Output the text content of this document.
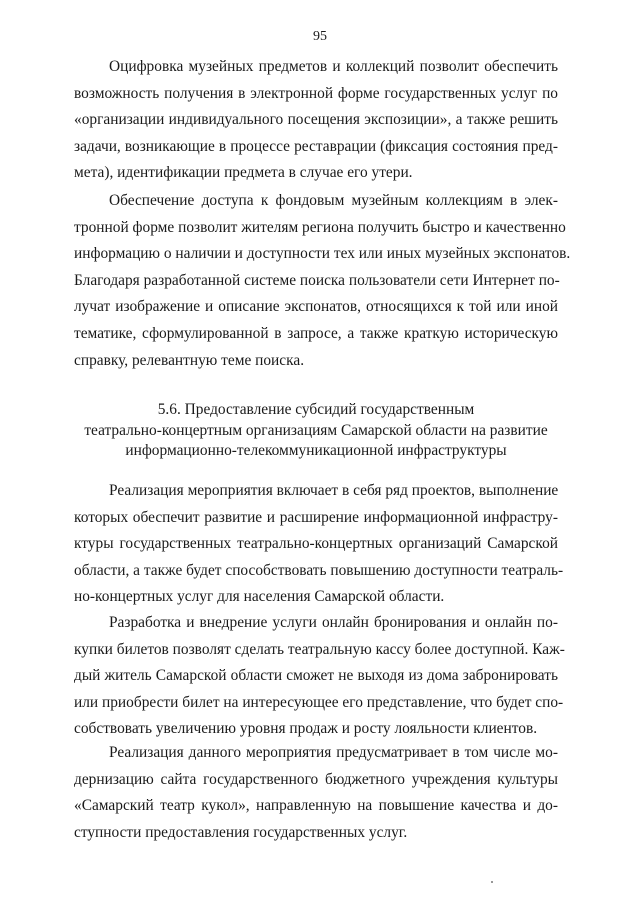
95
Оцифровка музейных предметов и коллекций позволит обеспечить
возможность получения в электронной форме государственных услуг по
«организации индивидуального посещения экспозиции», а также решить
задачи, возникающие в процессе реставрации (фиксация состояния пред-
мета), идентификации предмета в случае его утери.
Обеспечение доступа к фондовым музейным коллекциям в элек-
тронной форме позволит жителям региона получить быстро и качественно
информацию о наличии и доступности тех или иных музейных экспонатов.
Благодаря разработанной системе поиска пользователи сети Интернет по-
лучат изображение и описание экспонатов, относящихся к той или иной
тематике, сформулированной в запросе, а также краткую историческую
справку, релевантную теме поиска.
5.6. Предоставление субсидий государственным
театрально-концертным организациям Самарской области на развитие
информационно-телекоммуникационной инфраструктуры
Реализация мероприятия включает в себя ряд проектов, выполнение
которых обеспечит развитие и расширение информационной инфрастру-
ктуры государственных театрально-концертных организаций Самарской
области, а также будет способствовать повышению доступности театраль-
но-концертных услуг для населения Самарской области.
Разработка и внедрение услуги онлайн бронирования и онлайн по-
купки билетов позволят сделать театральную кассу более доступной. Каж-
дый житель Самарской области сможет не выходя из дома забронировать
или приобрести билет на интересующее его представление, что будет спо-
собствовать увеличению уровня продаж и росту лояльности клиентов.
Реализация данного мероприятия предусматривает в том числе мо-
дернизацию сайта государственного бюджетного учреждения культуры
«Самарский театр кукол», направленную на повышение качества и до-
ступности предоставления государственных услуг.
